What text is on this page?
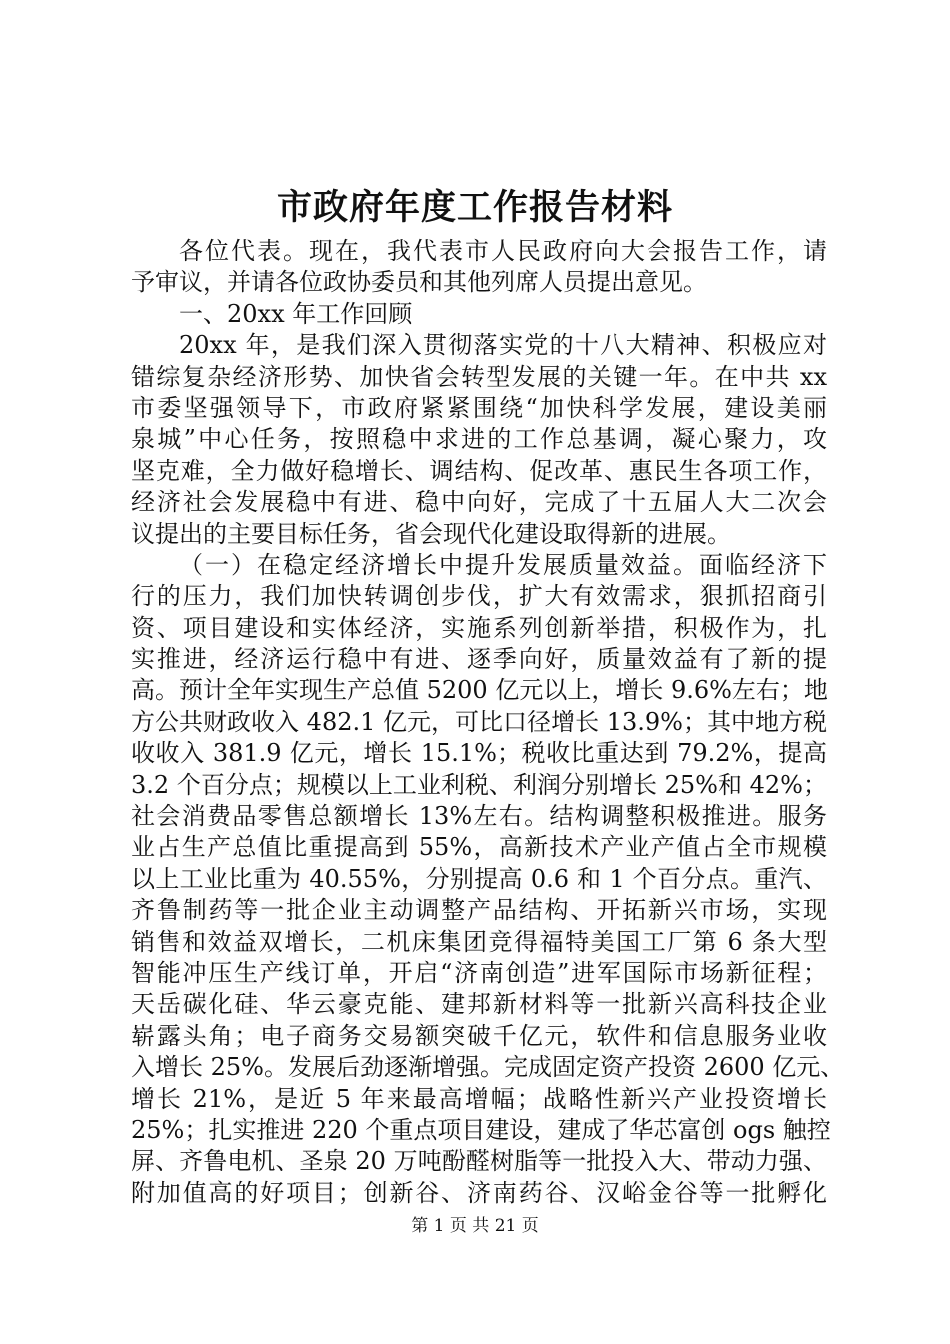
市政府年度工作报告材料
各位代表。现在，我代表市人民政府向大会报告工作，请
予审议，并请各位政协委员和其他列席人员提出意见。
一、20xx 年工作回顾
20xx 年，是我们深入贯彻落实党的十八大精神、积极应对
错综复杂经济形势、加快省会转型发展的关键一年。在中共 xx
市委坚强领导下，市政府紧紧围绕“加快科学发展，建设美丽
泉城”中心任务，按照稳中求进的工作总基调，凝心聚力，攻
坚克难，全力做好稳增长、调结构、促改革、惠民生各项工作，
经济社会发展稳中有进、稳中向好，完成了十五届人大二次会
议提出的主要目标任务，省会现代化建设取得新的进展。
（一）在稳定经济增长中提升发展质量效益。面临经济下
行的压力，我们加快转调创步伐，扩大有效需求，狠抓招商引
资、项目建设和实体经济，实施系列创新举措，积极作为，扎
实推进，经济运行稳中有进、逐季向好，质量效益有了新的提
高。预计全年实现生产总值 5200 亿元以上，增长 9.6%左右；地
方公共财政收入 482.1 亿元，可比口径增长 13.9%；其中地方税
收收入 381.9 亿元，增长 15.1%；税收比重达到 79.2%，提高
3.2 个百分点；规模以上工业利税、利润分别增长 25%和 42%；
社会消费品零售总额增长 13%左右。结构调整积极推进。服务
业占生产总值比重提高到 55%，高新技术产业产值占全市规模
以上工业比重为 40.55%，分别提高 0.6 和 1 个百分点。重汽、
齐鲁制药等一批企业主动调整产品结构、开拓新兴市场，实现
销售和效益双增长，二机床集团竞得福特美国工厂第 6 条大型
智能冲压生产线订单，开启“济南创造”进军国际市场新征程；
天岳碳化硅、华云豪克能、建邦新材料等一批新兴高科技企业
崭露头角；电子商务交易额突破千亿元，软件和信息服务业收
入增长 25%。发展后劲逐渐增强。完成固定资产投资 2600 亿元、
增长 21%，是近 5 年来最高增幅；战略性新兴产业投资增长
25%；扎实推进 220 个重点项目建设，建成了华芯富创 ogs 触控
屏、齐鲁电机、圣泉 20 万吨酚醛树脂等一批投入大、带动力强、
附加值高的好项目；创新谷、济南药谷、汉峪金谷等一批孵化
第 1 页 共 21 页
